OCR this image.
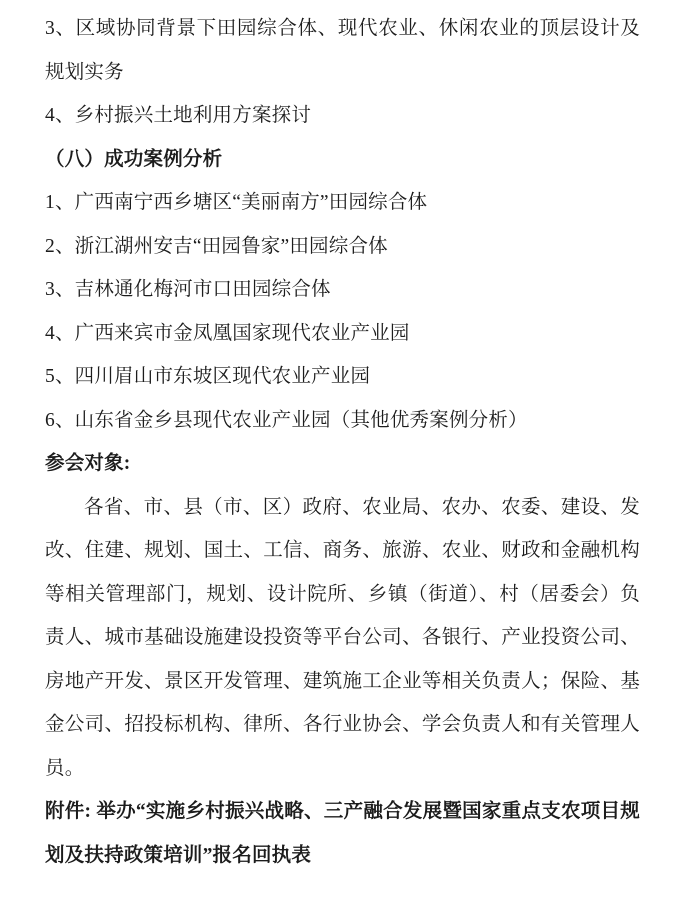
3、区域协同背景下田园综合体、现代农业、休闲农业的顶层设计及规划实务

4、乡村振兴土地利用方案探讨

（八）成功案例分析

1、广西南宁西乡塘区“美丽南方”田园综合体

2、浙江湖州安吉“田园鲁家”田园综合体

3、吉林通化梅河市口田园综合体

4、广西来宾市金凤凰国家现代农业产业园

5、四川眉山市东坡区现代农业产业园

6、山东省金乡县现代农业产业园（其他优秀案例分析）

参会对象:

各省、市、县（市、区）政府、农业局、农办、农委、建设、发改、住建、规划、国土、工信、商务、旅游、农业、财政和金融机构等相关管理部门，规划、设计院所、乡镇（街道）、村（居委会）负责人、城市基础设施建设投资等平台公司、各银行、产业投资公司、房地产开发、景区开发管理、建筑施工企业等相关负责人；保险、基金公司、招投标机构、律所、各行业协会、学会负责人和有关管理人员。

附件: 举办“实施乡村振兴战略、三产融合发展暨国家重点支农项目规划及扶持政策培训”报名回执表
